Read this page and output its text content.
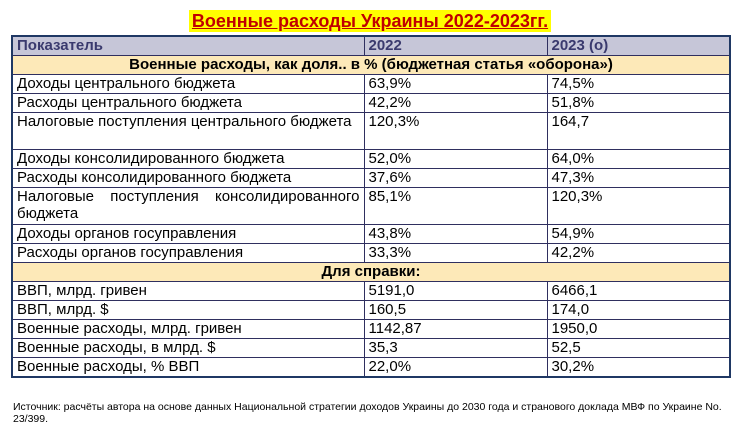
Военные расходы Украины 2022-2023гг.
Показатель	2022	2023 (о)
Военные расходы, как доля.. в % (бюджетная статья «оборона»)		
Доходы центрального бюджета	63,9%	74,5%
Расходы центрального бюджета	42,2%	51,8%
Налоговые поступления центрального бюджета	120,3%	164,7
Доходы консолидированного бюджета	52,0%	64,0%
Расходы консолидированного бюджета	37,6%	47,3%
Налоговые поступления консолидированного бюджета	85,1%	120,3%
Доходы органов госуправления	43,8%	54,9%
Расходы органов госуправления	33,3%	42,2%
Для справки:		
ВВП, млрд. гривен	5191,0	6466,1
ВВП, млрд. $	160,5	174,0
Военные расходы, млрд. гривен	1142,87	1950,0
Военные расходы, в млрд. $	35,3	52,5
Военные расходы, % ВВП	22,0%	30,2%
Источник: расчёты автора на основе данных Национальной стратегии доходов Украины до 2030 года и странового доклада МВФ по Украине No. 23/399.
